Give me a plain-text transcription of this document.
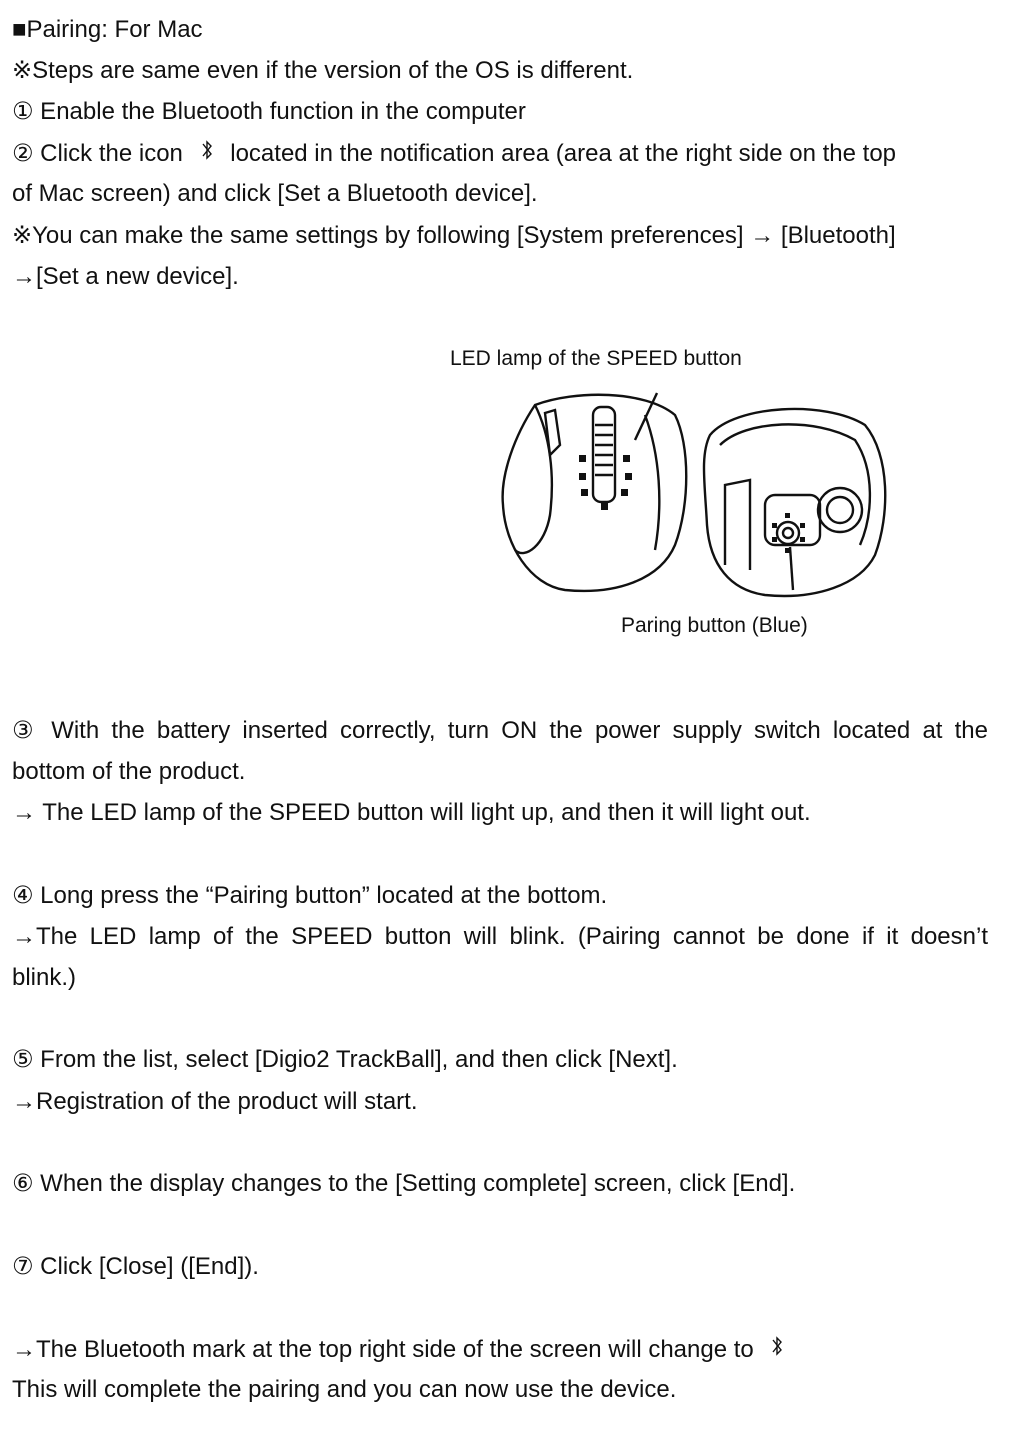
■Pairing: For Mac
※Steps are same even if the version of the OS is different.
① Enable the Bluetooth function in the computer
② Click the icon located in the notification area (area at the right side on the top
of Mac screen) and click [Set a Bluetooth device].
※You can make the same settings by following [System preferences] → [Bluetooth]
→[Set a new device].
LED lamp of the SPEED button
Paring button (Blue)
③ With the battery inserted correctly, turn ON the power supply switch located at the
bottom of the product.
→ The LED lamp of the SPEED button will light up, and then it will light out.
④ Long press the “Pairing button” located at the bottom.
→The LED lamp of the SPEED button will blink. (Pairing cannot be done if it doesn’t
blink.)
⑤ From the list, select [Digio2 TrackBall], and then click [Next].
→Registration of the product will start.
⑥ When the display changes to the [Setting complete] screen, click [End].
⑦ Click [Close] ([End]).
→The Bluetooth mark at the top right side of the screen will change to
This will complete the pairing and you can now use the device.
